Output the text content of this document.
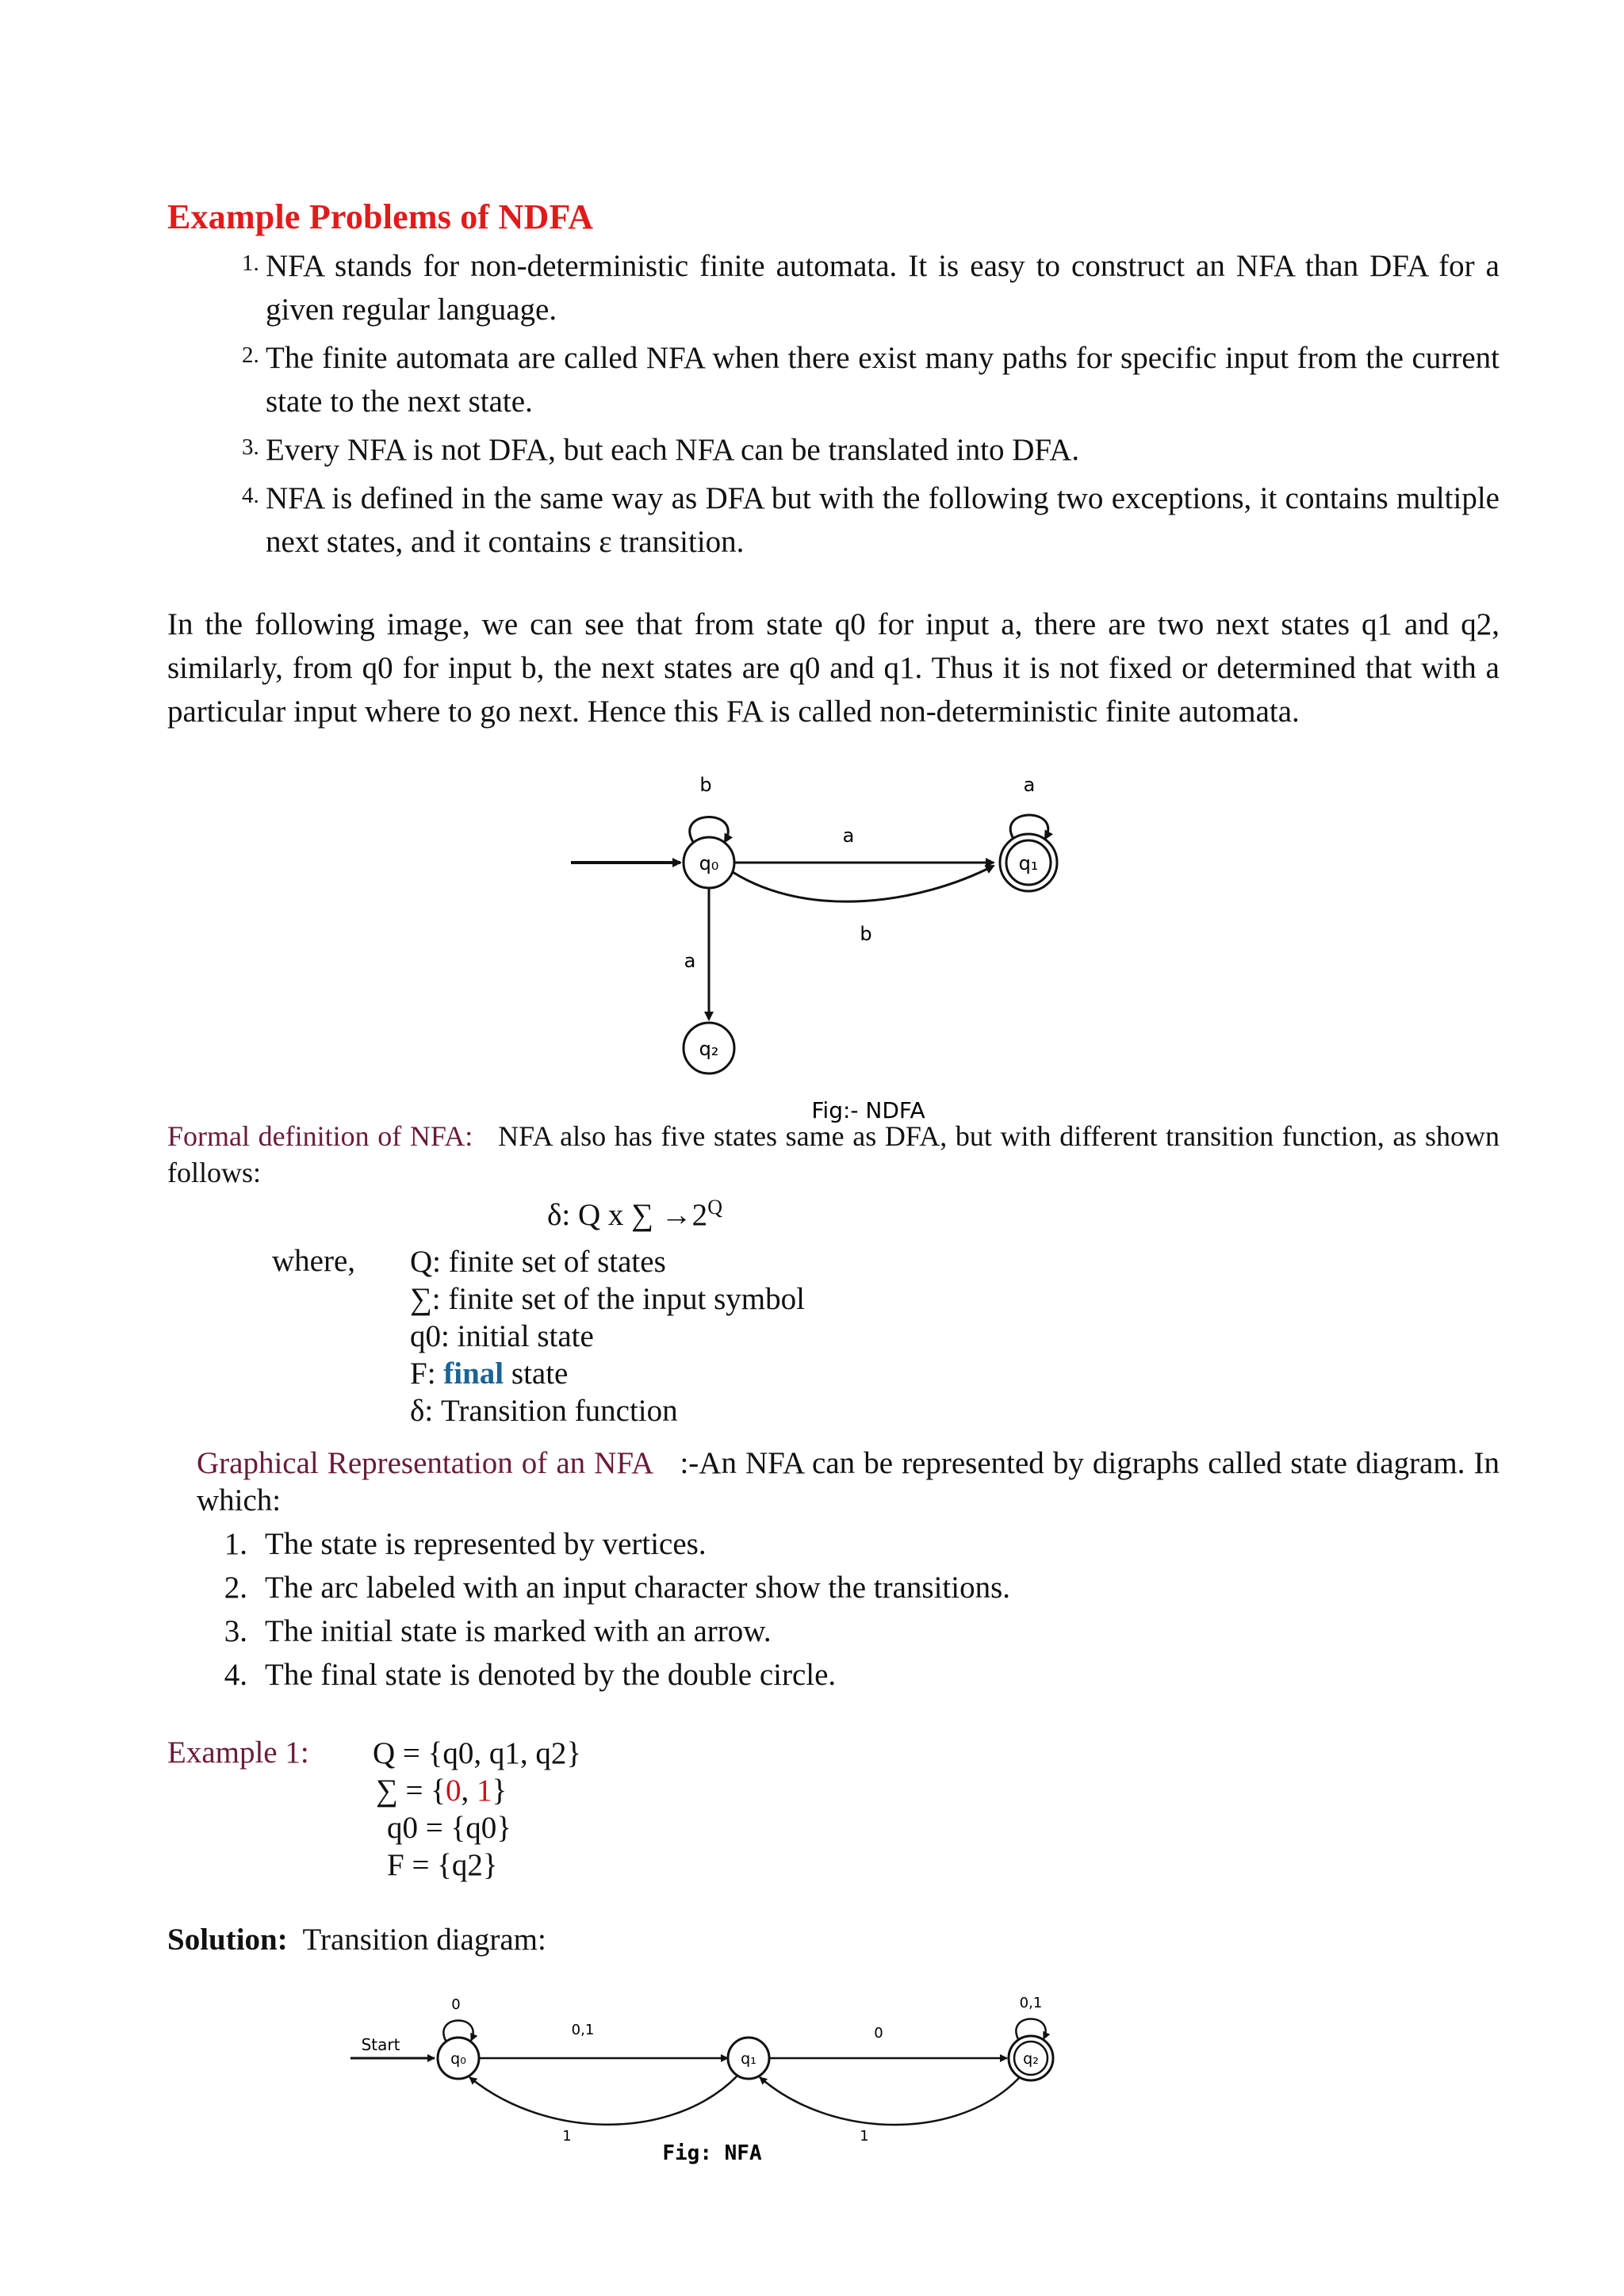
Example Problems of NDFA
1. NFA stands for non-deterministic finite automata. It is easy to construct an NFA than DFA for a given regular language.
2. The finite automata are called NFA when there exist many paths for specific input from the current state to the next state.
3. Every NFA is not DFA, but each NFA can be translated into DFA.
4. NFA is defined in the same way as DFA but with the following two exceptions, it contains multiple next states, and it contains ε transition.

In the following image, we can see that from state q0 for input a, there are two next states q1 and q2, similarly, from q0 for input b, the next states are q0 and q1. Thus it is not fixed or determined that with a particular input where to go next. Hence this FA is called non-deterministic finite automata.

q₀
b
a
b
q₁
a
a
q₂
Fig:- NDFA

Formal definition of NFA: NFA also has five states same as DFA, but with different transition function, as shown follows:

δ: Q x ∑ $\to 2^Q$
where, Q: finite set of states
∑: finite set of the input symbol
q0: initial state
F: final state
δ: Transition function

Graphical Representation of an NFA :-An NFA can be represented by digraphs called state diagram. In which:

1. The state is represented by vertices.
2. The arc labeled with an input character show the transitions.
3. The initial state is marked with an arrow.
4. The final state is denoted by the double circle.
Example 1: Q = {q0, q1, q2}
∑ = {0, 1}
q0 = {q0}
F = {q2}
Solution: Transition diagram:
Start
q₀
0
0,1
q₁
1
0
q₂
0,1
1
Fig: NFA
